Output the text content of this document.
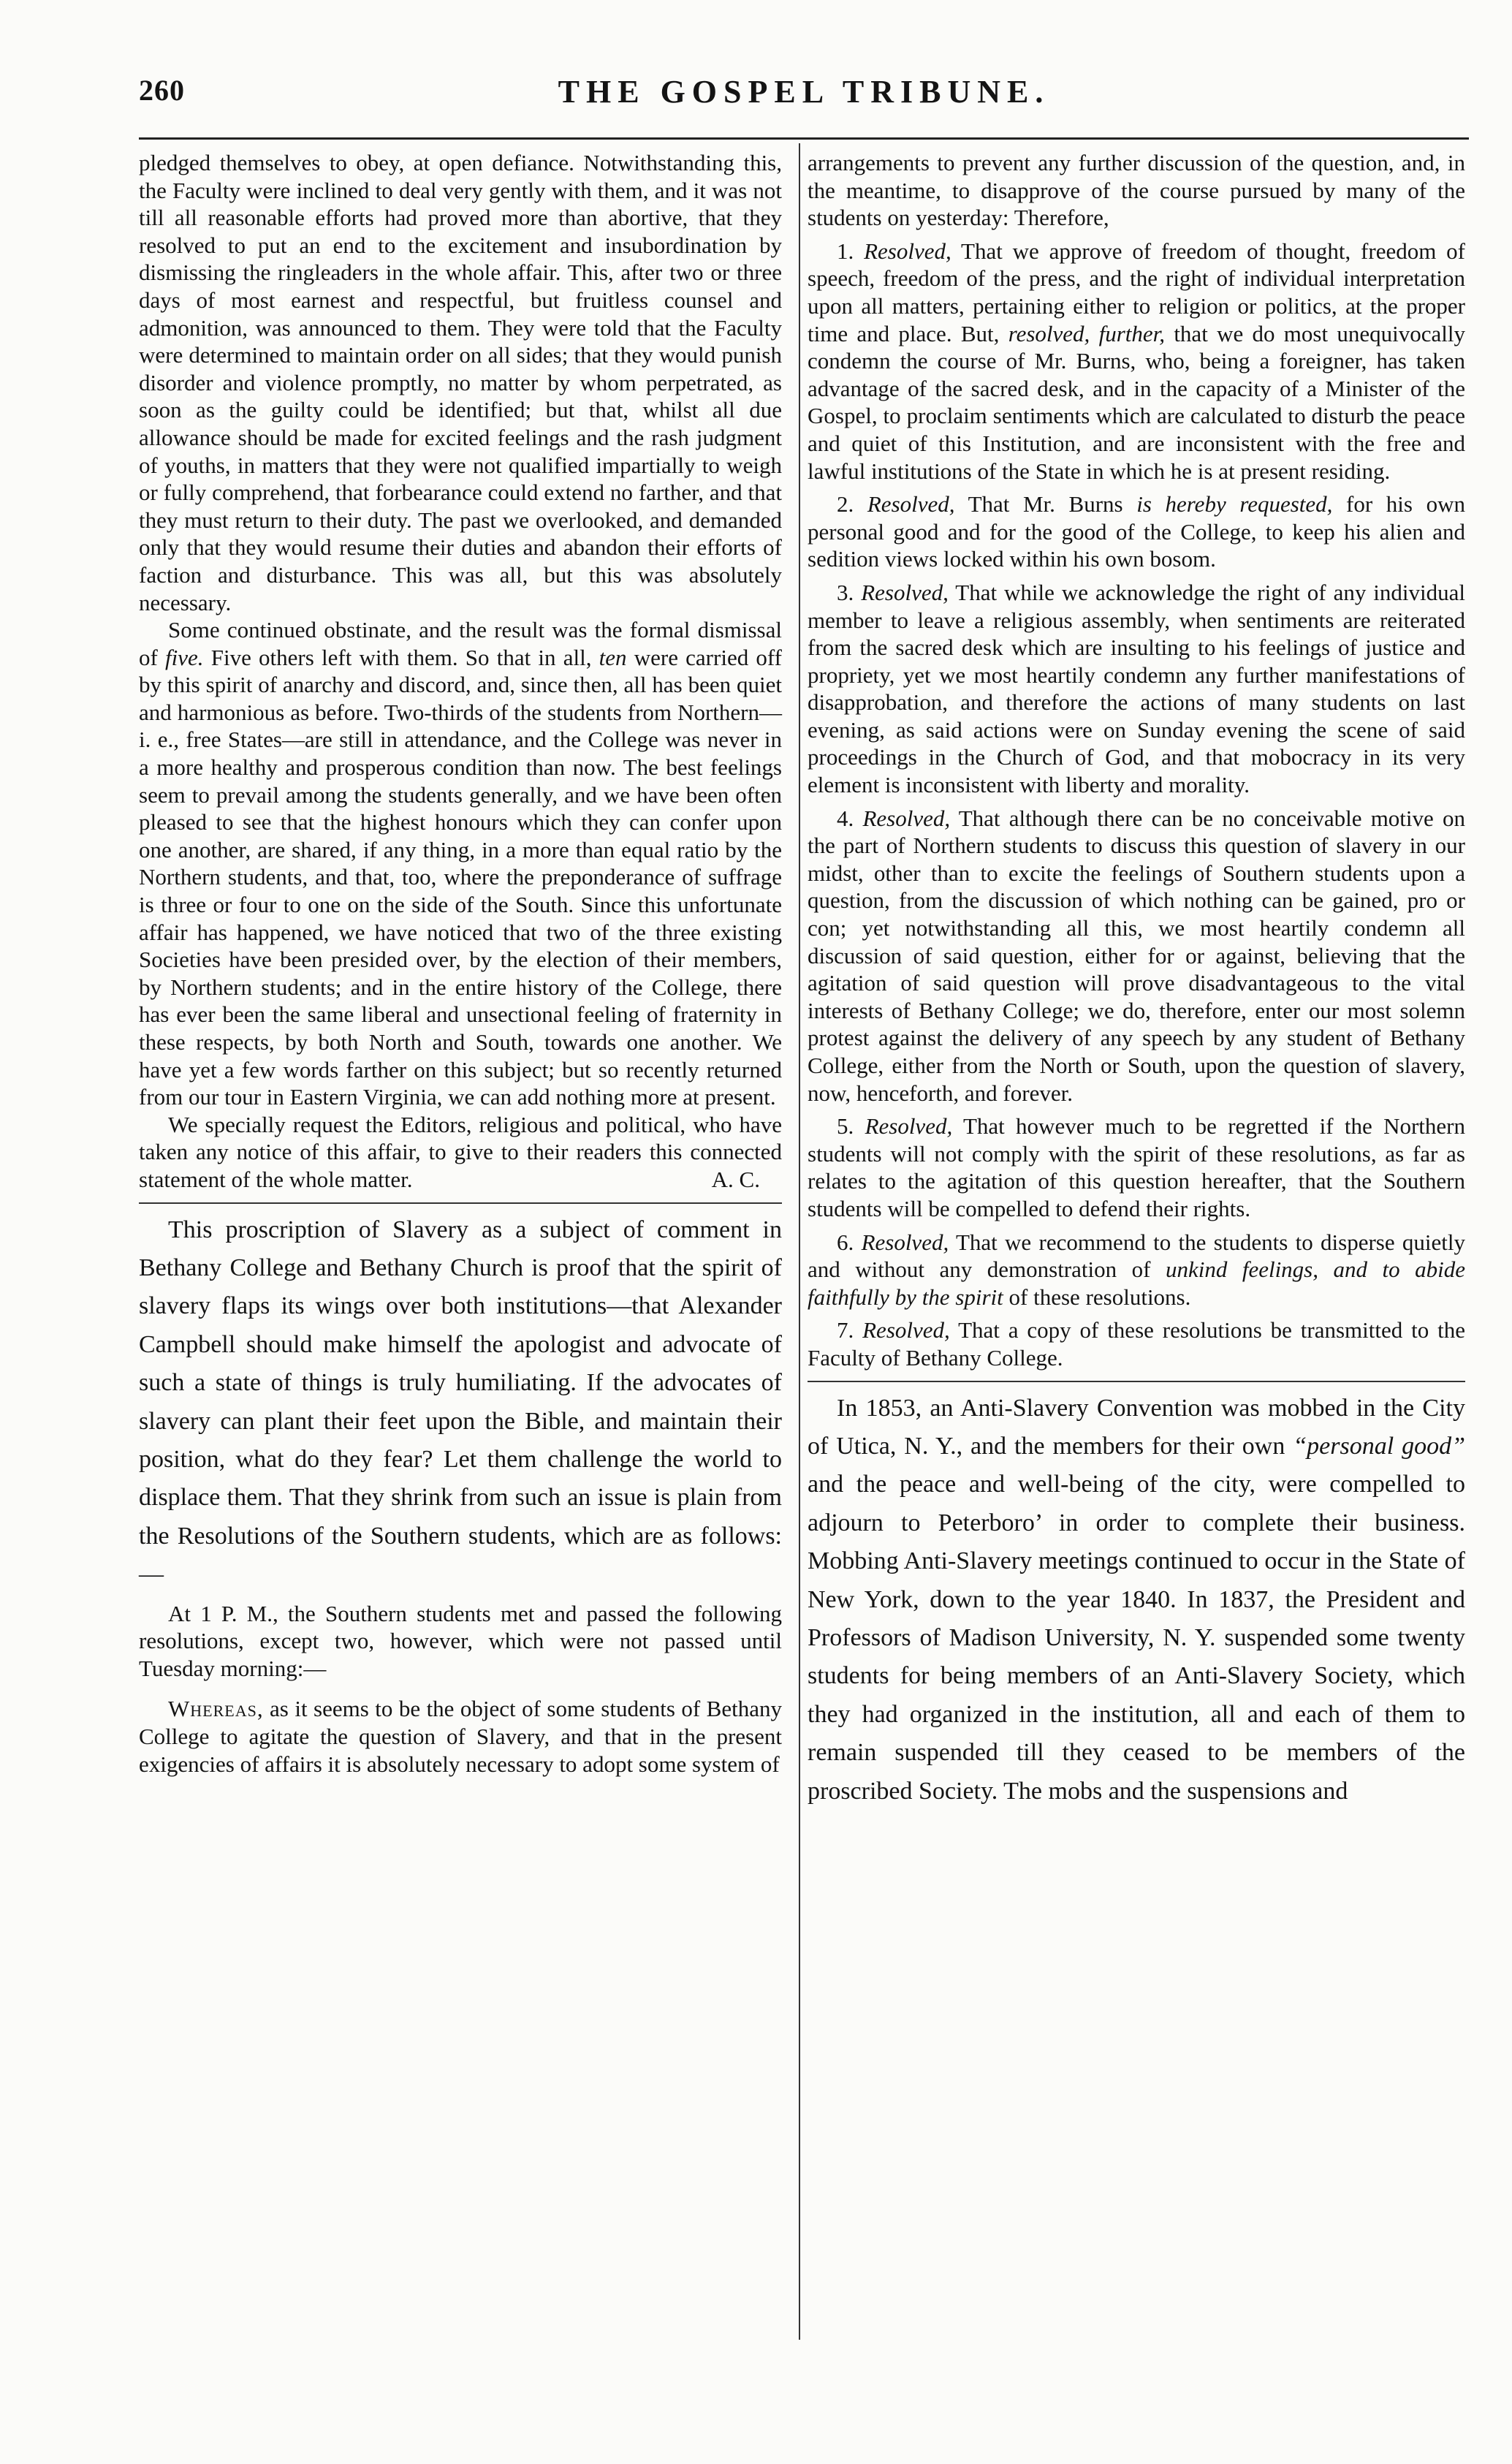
260	THE GOSPEL TRIBUNE.

pledged themselves to obey, at open defiance. Notwithstanding this, the Faculty were inclined to deal very gently with them, and it was not till all reasonable efforts had proved more than abortive, that they resolved to put an end to the excitement and insubordination by dismissing the ringleaders in the whole affair. This, after two or three days of most earnest and respectful, but fruitless counsel and admonition, was announced to them. They were told that the Faculty were determined to maintain order on all sides; that they would punish disorder and violence promptly, no matter by whom perpetrated, as soon as the guilty could be identified; but that, whilst all due allowance should be made for excited feelings and the rash judgment of youths, in matters that they were not qualified impartially to weigh or fully comprehend, that forbearance could extend no farther, and that they must return to their duty. The past we overlooked, and demanded only that they would resume their duties and abandon their efforts of faction and disturbance. This was all, but this was absolutely necessary.

Some continued obstinate, and the result was the formal dismissal of five. Five others left with them. So that in all, ten were carried off by this spirit of anarchy and discord, and, since then, all has been quiet and harmonious as before. Two-thirds of the students from Northern—i. e., free States—are still in attendance, and the College was never in a more healthy and prosperous condition than now. The best feelings seem to prevail among the students generally, and we have been often pleased to see that the highest honours which they can confer upon one another, are shared, if any thing, in a more than equal ratio by the Northern students, and that, too, where the preponderance of suffrage is three or four to one on the side of the South. Since this unfortunate affair has happened, we have noticed that two of the three existing Societies have been presided over, by the election of their members, by Northern students; and in the entire history of the College, there has ever been the same liberal and unsectional feeling of fraternity in these respects, by both North and South, towards one another. We have yet a few words farther on this subject; but so recently returned from our tour in Eastern Virginia, we can add nothing more at present.

We specially request the Editors, religious and political, who have taken any notice of this affair, to give to their readers this connected statement of the whole matter.	A. C.

This proscription of Slavery as a subject of comment in Bethany College and Bethany Church is proof that the spirit of slavery flaps its wings over both institutions—that Alexander Campbell should make himself the apologist and advocate of such a state of things is truly humiliating. If the advocates of slavery can plant their feet upon the Bible, and maintain their position, what do they fear? Let them challenge the world to displace them. That they shrink from such an issue is plain from the Resolutions of the Southern students, which are as follows:—

At 1 P. M., the Southern students met and passed the following resolutions, except two, however, which were not passed until Tuesday morning:—

Whereas, as it seems to be the object of some students of Bethany College to agitate the question of Slavery, and that in the present exigencies of affairs it is absolutely necessary to adopt some system of

arrangements to prevent any further discussion of the question, and, in the meantime, to disapprove of the course pursued by many of the students on yesterday: Therefore,

1. Resolved, That we approve of freedom of thought, freedom of speech, freedom of the press, and the right of individual interpretation upon all matters, pertaining either to religion or politics, at the proper time and place. But, resolved, further, that we do most unequivocally condemn the course of Mr. Burns, who, being a foreigner, has taken advantage of the sacred desk, and in the capacity of a Minister of the Gospel, to proclaim sentiments which are calculated to disturb the peace and quiet of this Institution, and are inconsistent with the free and lawful institutions of the State in which he is at present residing.

2. Resolved, That Mr. Burns is hereby requested, for his own personal good and for the good of the College, to keep his alien and sedition views locked within his own bosom.

3. Resolved, That while we acknowledge the right of any individual member to leave a religious assembly, when sentiments are reiterated from the sacred desk which are insulting to his feelings of justice and propriety, yet we most heartily condemn any further manifestations of disapprobation, and therefore the actions of many students on last evening, as said actions were on Sunday evening the scene of said proceedings in the Church of God, and that mobocracy in its very element is inconsistent with liberty and morality.

4. Resolved, That although there can be no conceivable motive on the part of Northern students to discuss this question of slavery in our midst, other than to excite the feelings of Southern students upon a question, from the discussion of which nothing can be gained, pro or con; yet notwithstanding all this, we most heartily condemn all discussion of said question, either for or against, believing that the agitation of said question will prove disadvantageous to the vital interests of Bethany College; we do, therefore, enter our most solemn protest against the delivery of any speech by any student of Bethany College, either from the North or South, upon the question of slavery, now, henceforth, and forever.

5. Resolved, That however much to be regretted if the Northern students will not comply with the spirit of these resolutions, as far as relates to the agitation of this question hereafter, that the Southern students will be compelled to defend their rights.

6. Resolved, That we recommend to the students to disperse quietly and without any demonstration of unkind feelings, and to abide faithfully by the spirit of these resolutions.

7. Resolved, That a copy of these resolutions be transmitted to the Faculty of Bethany College.

In 1853, an Anti-Slavery Convention was mobbed in the City of Utica, N. Y., and the members for their own “personal good” and the peace and well-being of the city, were compelled to adjourn to Peterboro’ in order to complete their business. Mobbing Anti-Slavery meetings continued to occur in the State of New York, down to the year 1840. In 1837, the President and Professors of Madison University, N. Y. suspended some twenty students for being members of an Anti-Slavery Society, which they had organized in the institution, all and each of them to remain suspended till they ceased to be members of the proscribed Society. The mobs and the suspensions and
